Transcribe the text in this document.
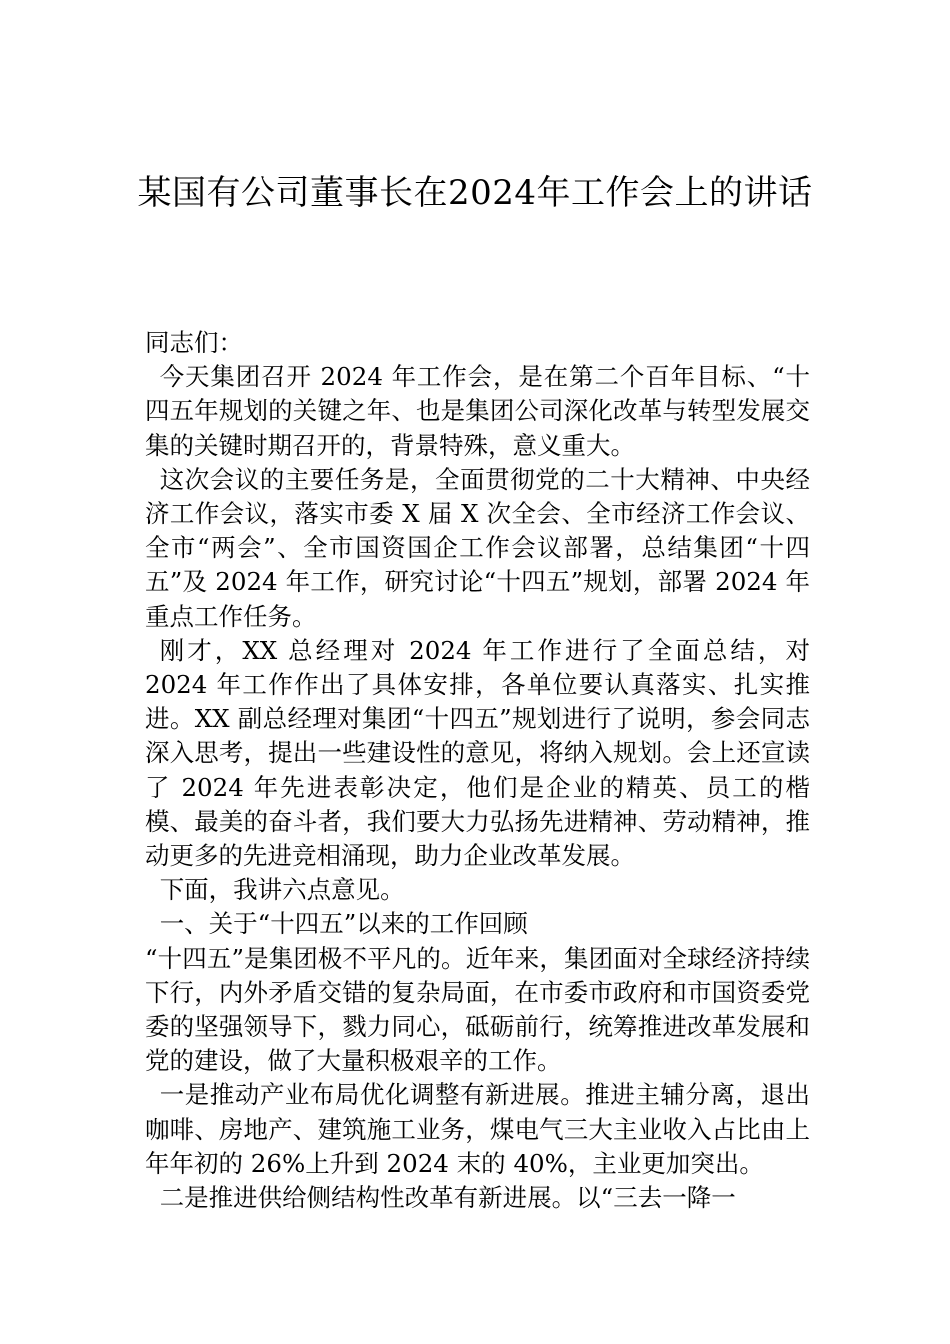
某国有公司董事长在2024年工作会上的讲话

同志们：

今天集团召开 2024 年工作会，是在第二个百年目标、“十四五年规划的关键之年、也是集团公司深化改革与转型发展交集的关键时期召开的，背景特殊，意义重大。

这次会议的主要任务是，全面贯彻党的二十大精神、中央经济工作会议，落实市委 X 届 X 次全会、全市经济工作会议、全市“两会”、全市国资国企工作会议部署，总结集团“十四五”及 2024 年工作，研究讨论“十四五”规划，部署 2024 年重点工作任务。

刚才，XX 总经理对 2024 年工作进行了全面总结，对 2024 年工作作出了具体安排，各单位要认真落实、扎实推进。XX 副总经理对集团“十四五”规划进行了说明，参会同志深入思考，提出一些建设性的意见，将纳入规划。会上还宣读了 2024 年先进表彰决定，他们是企业的精英、员工的楷模、最美的奋斗者，我们要大力弘扬先进精神、劳动精神，推动更多的先进竞相涌现，助力企业改革发展。

下面，我讲六点意见。

一、关于“十四五”以来的工作回顾

“十四五”是集团极不平凡的。近年来，集团面对全球经济持续下行，内外矛盾交错的复杂局面，在市委市政府和市国资委党委的坚强领导下，戮力同心，砥砺前行，统筹推进改革发展和党的建设，做了大量积极艰辛的工作。

一是推动产业布局优化调整有新进展。推进主辅分离，退出咖啡、房地产、建筑施工业务，煤电气三大主业收入占比由上年年初的 26%上升到 2024 末的 40%，主业更加突出。

二是推进供给侧结构性改革有新进展。以“三去一降一
